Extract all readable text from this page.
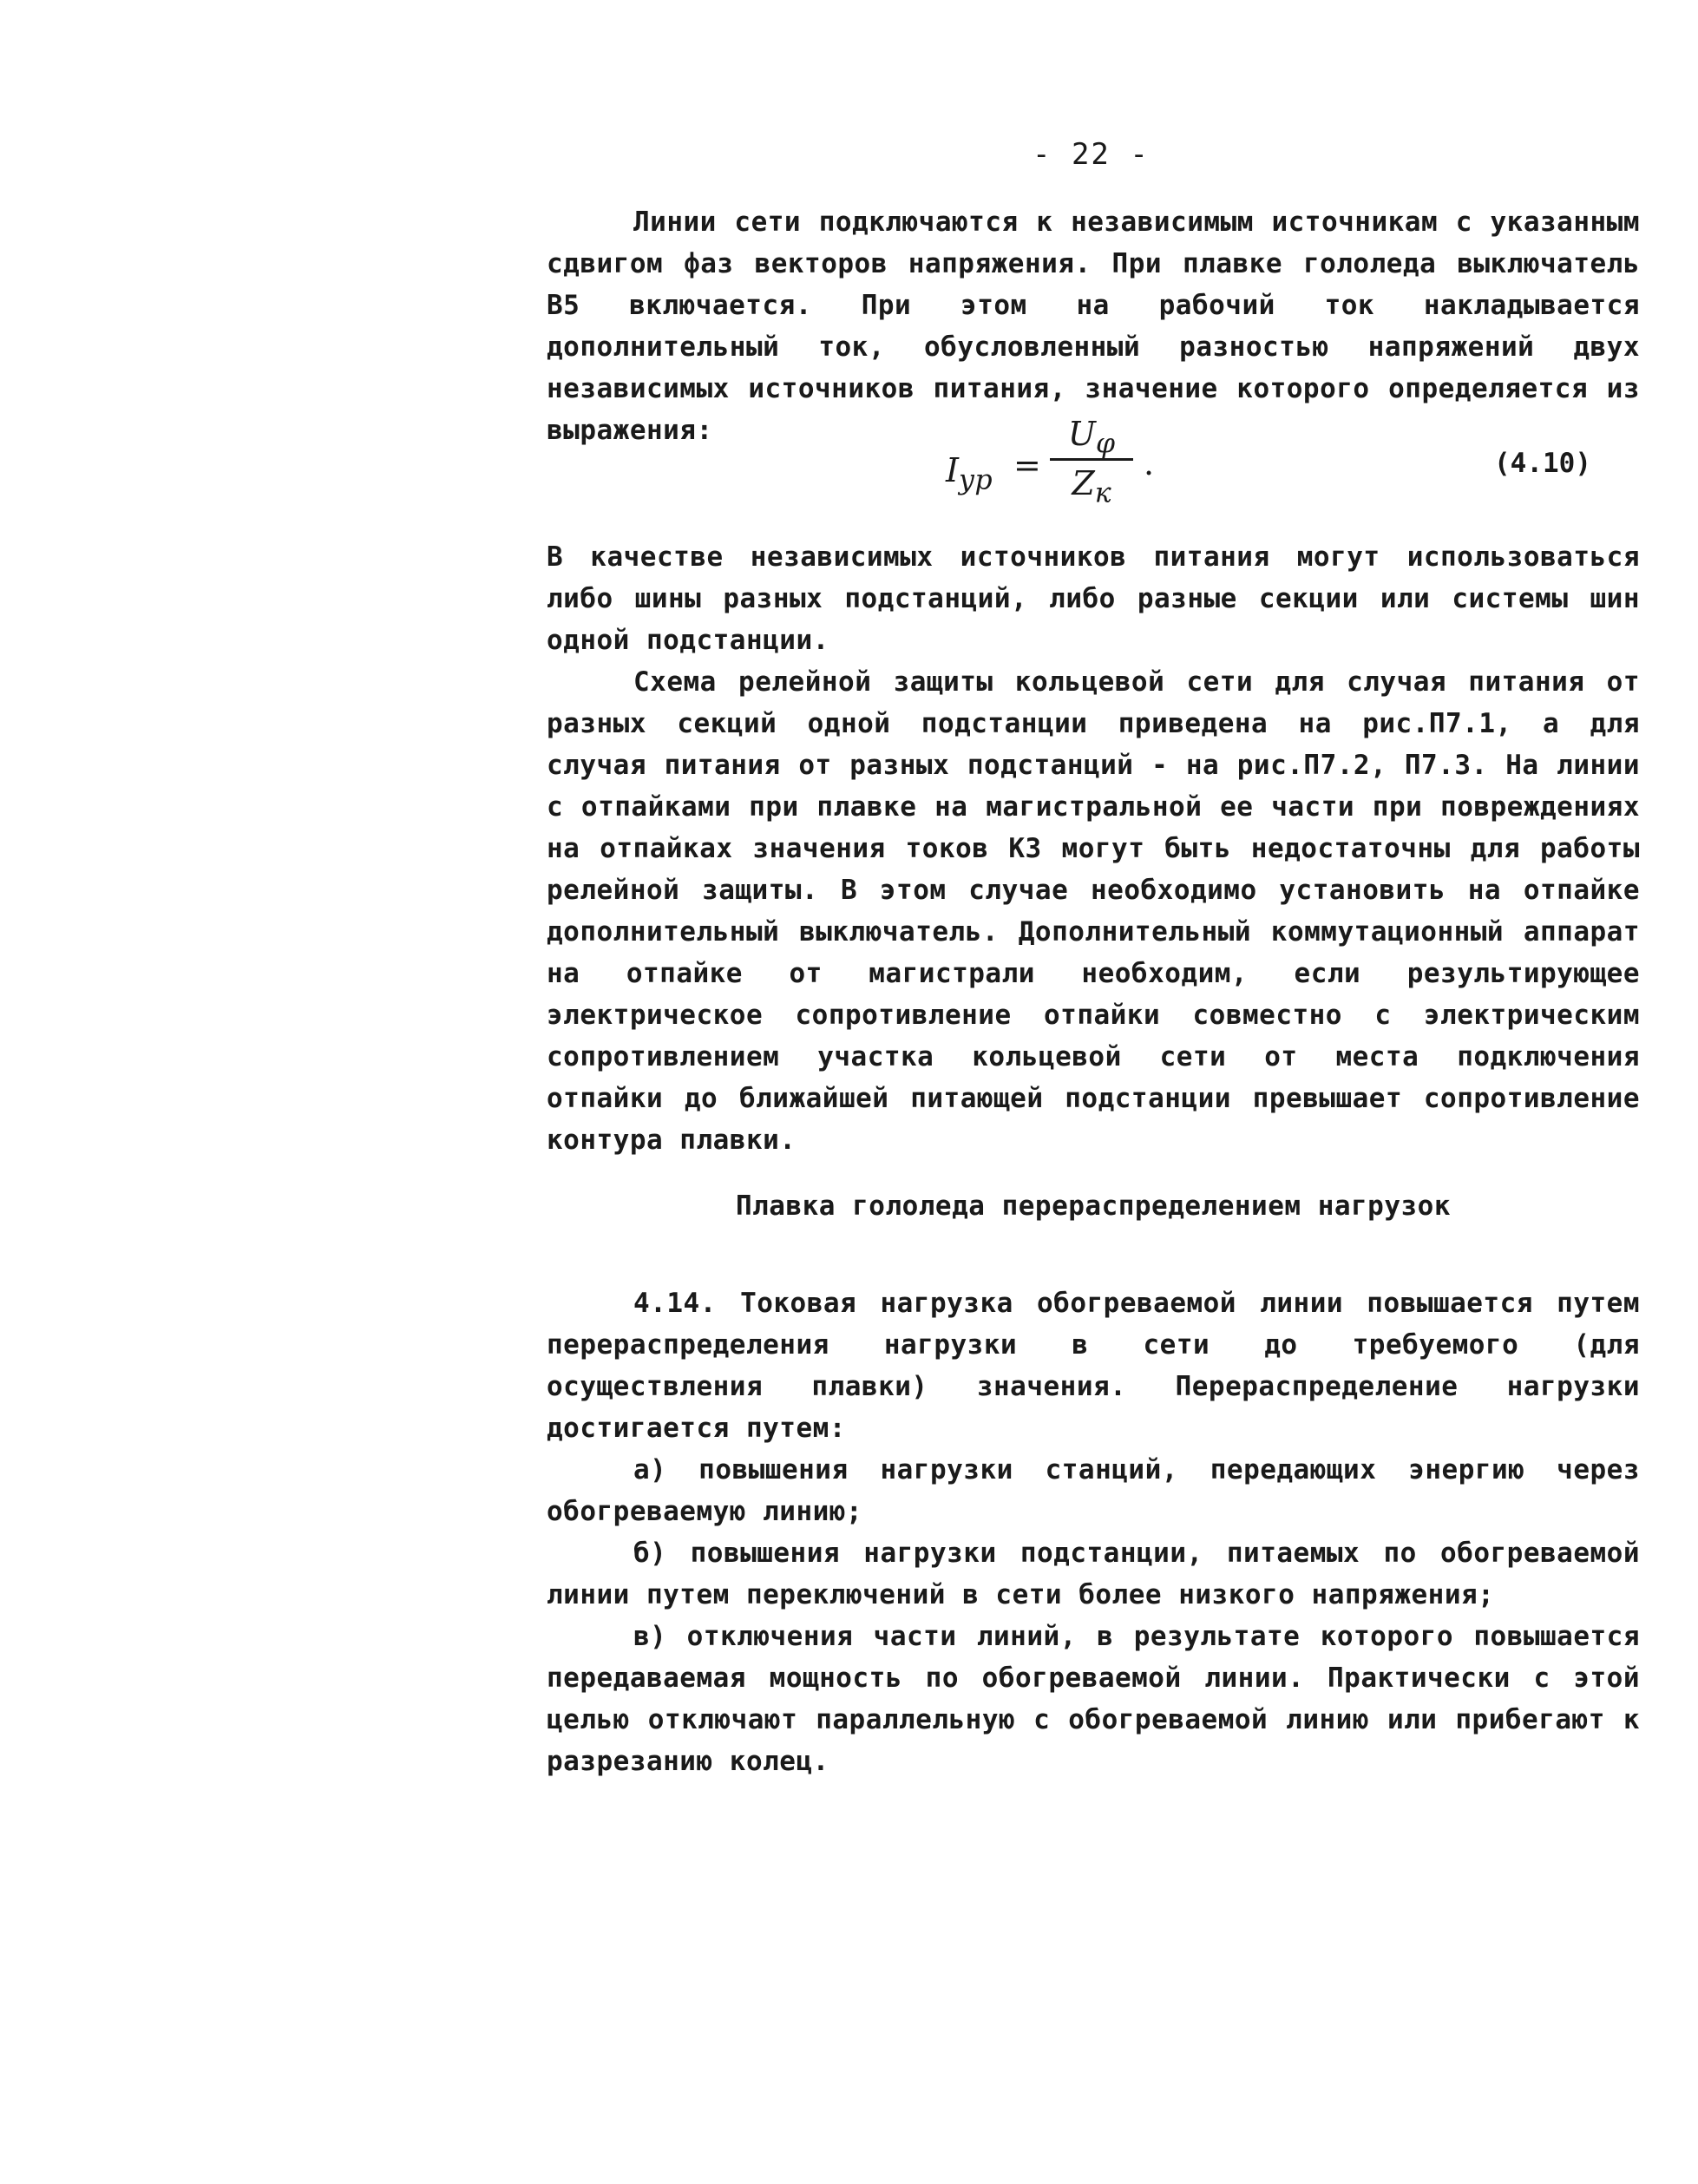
- 22 -

Линии сети подключаются к независимым источникам с указанным сдвигом фаз векторов напряжения. При плавке гололеда выключатель В5 включается. При этом на рабочий ток накладывается дополнительный ток, обусловленный разностью напряжений двух независимых источников питания, значение которого определяется из выражения:

$I_{уp}$ =
$U_\varphi$
$Z_к$
.	(4.10)

В качестве независимых источников питания могут использоваться либо шины разных подстанций, либо разные секции или системы шин одной подстанции.

Схема релейной защиты кольцевой сети для случая питания от разных секций одной подстанции приведена на рис.П7.1, а для случая питания от разных подстанций - на рис.П7.2, П7.3. На линии с отпайками при плавке на магистральной ее части при повреждениях на отпайках значения токов КЗ могут быть недостаточны для работы релейной защиты. В этом случае необходимо установить на отпайке дополнительный выключатель. Дополнительный коммутационный аппарат на отпайке от магистрали необходим, если результирующее электрическое сопротивление отпайки совместно с электрическим сопротивлением участка кольцевой сети от места подключения отпайки до ближайшей питающей подстанции превышает сопротивление контура плавки.

Плавка гололеда перераспределением нагрузок

4.14. Токовая нагрузка обогреваемой линии повышается путем перераспределения нагрузки в сети до требуемого (для осуществления плавки) значения. Перераспределение нагрузки достигается путем:

а) повышения нагрузки станций, передающих энергию через обогреваемую линию;

б) повышения нагрузки подстанции, питаемых по обогреваемой линии путем переключений в сети более низкого напряжения;

в) отключения части линий, в результате которого повышается передаваемая мощность по обогреваемой линии. Практически с этой целью отключают параллельную с обогреваемой линию или прибегают к разрезанию колец.
